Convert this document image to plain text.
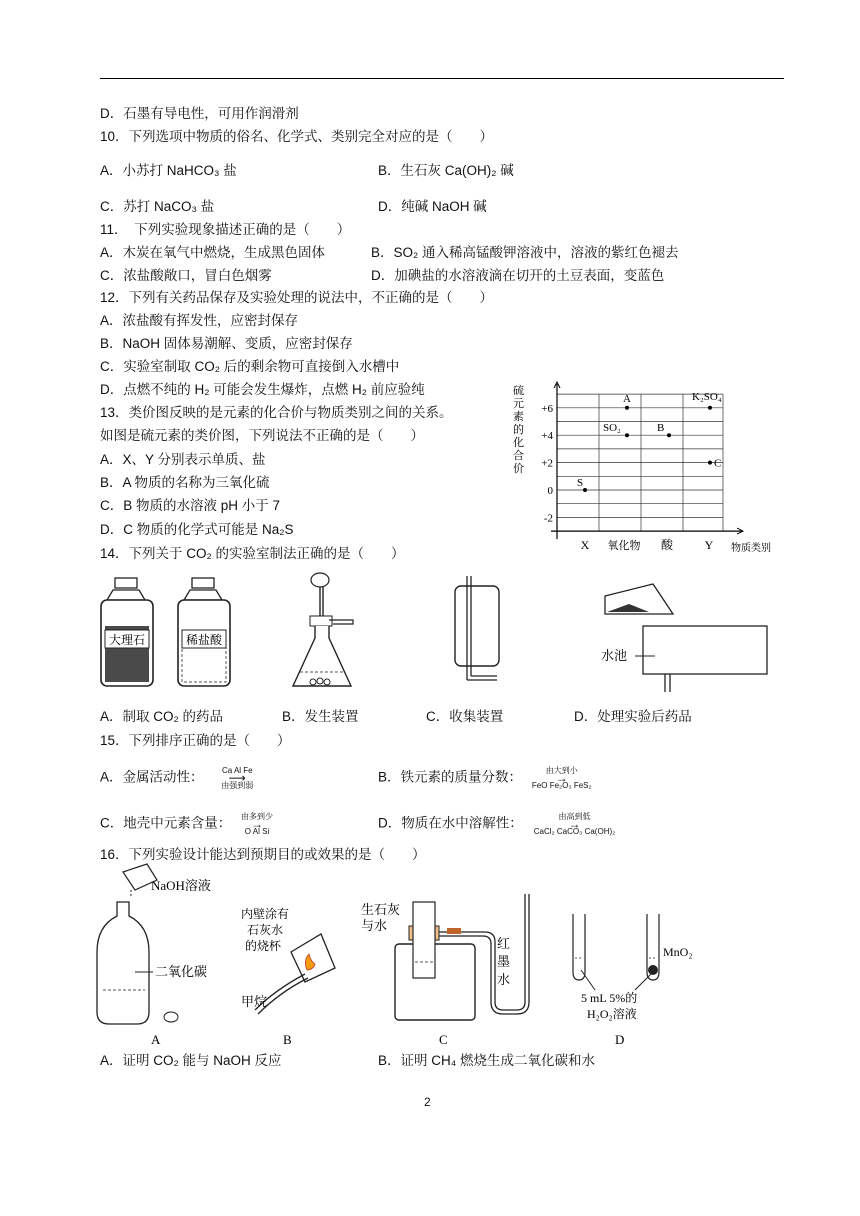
D．石墨有导电性，可用作润滑剂
10．下列选项中物质的俗名、化学式、类别完全对应的是（　　）
A．小苏打 NaHCO₃ 盐	B．生石灰 Ca(OH)₂ 碱
C．苏打 NaCO₃ 盐	D．纯碱 NaOH 碱
11．　下列实验现象描述正确的是（　　）
A．木炭在氧气中燃烧，生成黑色固体	B．SO₂ 通入稀高锰酸钾溶液中，溶液的紫红色褪去
C．浓盐酸敞口，冒白色烟雾	D．加碘盐的水溶液滴在切开的土豆表面，变蓝色
12．下列有关药品保存及实验处理的说法中，不正确的是（　　）
A．浓盐酸有挥发性，应密封保存
B．NaOH 固体易潮解、变质，应密封保存
C．实验室制取 CO₂ 后的剩余物可直接倒入水槽中
D．点燃不纯的 H₂ 可能会发生爆炸，点燃 H₂ 前应验纯
13．类价图反映的是元素的化合价与物质类别之间的关系。
如图是硫元素的类价图，下列说法不正确的是（　　）
A．X、Y 分别表示单质、盐
B．A 物质的名称为三氧化硫
C．B 物质的水溶液 pH 小于 7
D．C 物质的化学式可能是 Na₂S
+6
+4
+2
0
-2
X 氧化物 酸	Y 物质类别
S
SO₂
A
B
K₂SO₄
C
硫
元
素
的
化
合
价
14．下列关于 CO₂ 的实验室制法正确的是（　　）
大理石	稀盐酸
水池
A．制取 CO₂ 的药品	B．发生装置	C．收集装置	D．处理实验后药品
15．下列排序正确的是（　　）
A．金属活动性：	Ca Al Fe
⟶
由强到弱
B．铁元素的质量分数：	由大到小
→
FeO Fe₂O₃ FeS₂
C．地壳中元素含量：	由多到少
→
O Al Si
D．物质在水中溶解性：	由高到低
→
CaCl₂ CaCO₃ Ca(OH)₂
16．下列实验设计能达到预期目的或效果的是（　　）
NaOH溶液
二氧化碳
A
内壁涂有
石灰水
的烧杯
甲烷
B
生石灰
与水
红
墨
水
C
MnO₂
5 mL 5%的
H₂O₂溶液
D
A．证明 CO₂ 能与 NaOH 反应	B．证明 CH₄ 燃烧生成二氧化碳和水
2
